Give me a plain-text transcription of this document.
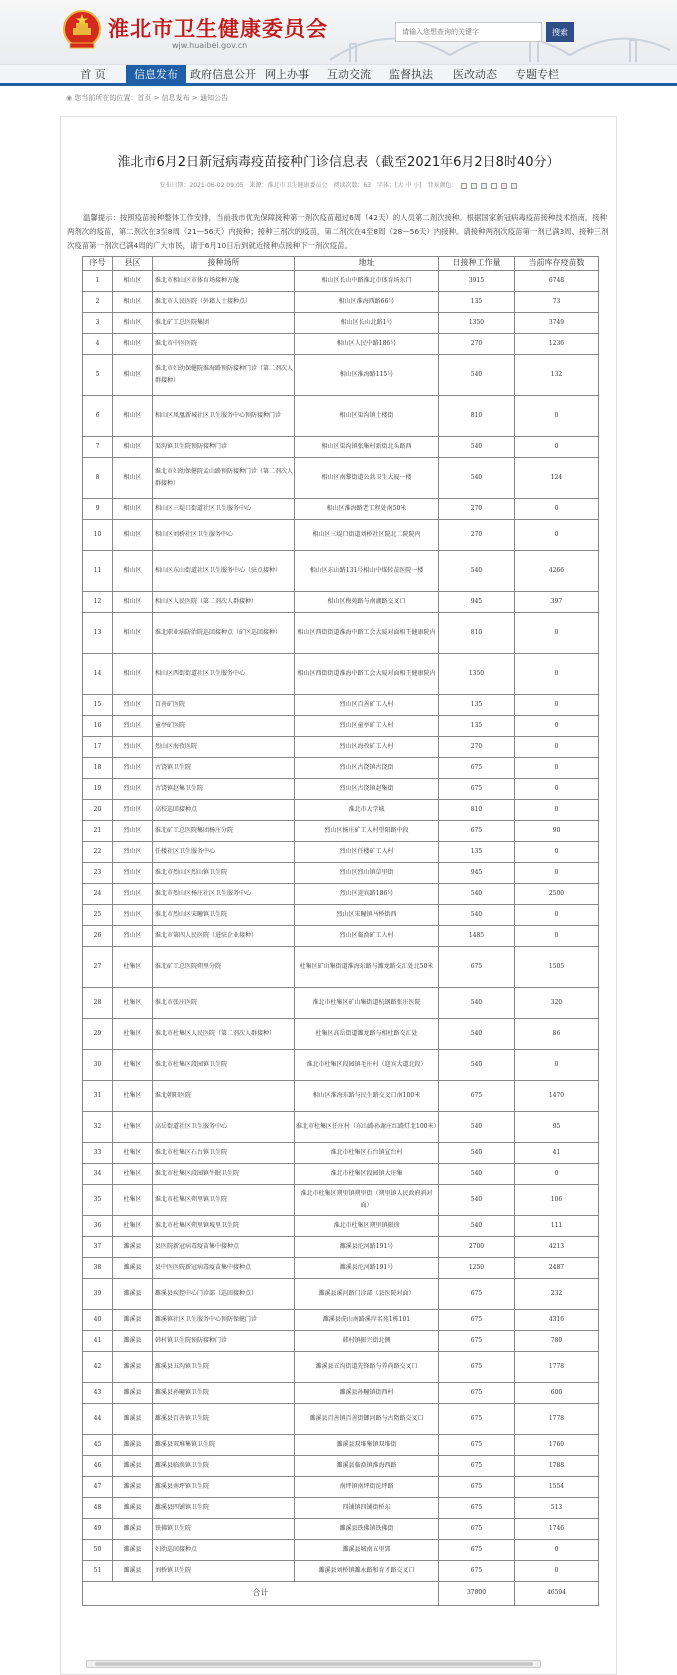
淮北市卫生健康委员会
wjw.huaibei.gov.cn
请输入您想查询的关键字
搜索
首 页	信息发布	政府信息公开 网上办事	互动交流	监督执法	医改动态	专题专栏
◉ 您当前所在的位置：首页 > 信息发布 > 通知公告
淮北市6月2日新冠病毒疫苗接种门诊信息表（截至2021年6月2日8时40分）
发布日期：2021-06-02 09:05 来源：淮北市卫生健康委员会 阅读次数：63 字体：[大 中 小] 背景颜色：
温馨提示：按照疫苗接种整体工作安排，当前我市优先保障接种第一剂次疫苗超过6周（42天）的人员第二剂次接种。根据国家新冠病毒疫苗接种技术指南，接种两剂次的疫苗，第二剂次在3至8周（21—56天）内接种；接种三剂次的疫苗，第二剂次在4至8周（28—56天）内接种。请接种两剂次疫苗第一剂已满3周、接种三剂次疫苗第一剂次已满4周的广大市民，请于6月10日后到就近接种点接种下一剂次疫苗。
序号	县区	接种场所	地址	日接种工作量	当前库存疫苗数
1	相山区	淮北市相山区市体育场接种方舱	相山区长山中路淮北市体育场东门	3915	6748
2	相山区	淮北市人民医院（外籍人士接种点）	相山区淮海西路66号	135	73
3	相山区	淮北矿工总医院集团	相山区长山北路1号	1350	3749
4	相山区	淮北市中医医院	相山区人民中路186号	270	1236
5	相山区	淮北市妇幼保健院淮海路预防接种门诊（第二剂次人群接种）	相山区淮海路115号	540	132
6	相山区	相山区凤凰新城社区卫生服务中心预防接种门诊	相山区渠沟镇土楼街	810	0
7	相山区	渠沟镇卫生院预防接种门诊	相山区渠沟镇张集村新街北头路西	540	0
8	相山区	淮北市妇幼保健院孟山路预防接种门诊（第二剂次人群接种）	相山区南黎街道公共卫生大厦一楼	540	124
9	相山区	相山区三堤口街道社区卫生服务中心	相山区淮海路老工程处南50米	270	0
10	相山区	相山区刘桥社区卫生服务中心	相山区三堤口街道刘桥社区院北二院院内	270	0
11	相山区	相山区东山街道社区卫生服务中心（驻点接种）	相山区东山路131号相山中煤转苗医院一楼	540	4266
12	相山区	相山区人民医院（第二剂次人群接种）	相山区梅苑路与南湖路交叉口	945	397
13	相山区	淮北职业病防治院巡回接种点（矿区巡回接种）	相山区西街街道淮海中路工会大厦对面相王健康院内	810	0
14	相山区	相山区西街街道社区卫生服务中心	相山区西街街道淮海中路工会大厦对面相王健康院内	1350	0
15	烈山区	百善矿医院	烈山区百善矿工人村	135	0
16	烈山区	童亭矿医院	烈山区童亭矿工人村	135	0
17	烈山区	烈山区海孜医院	烈山区海孜矿工人村	270	0
18	烈山区	古饶镇卫生院	烈山区古饶镇古饶街	675	0
19	烈山区	古饶镇赵集卫生院	烈山区古饶镇赵集街	675	0
20	烈山区	高校巡回接种点	淮北市大学城	810	0
21	烈山区	淮北矿工总医院集团杨庄分院	烈山区杨庄矿工人村望阳路中段	675	90
22	烈山区	任楼社区卫生服务中心	烈山区任楼矿工人村	135	0
23	烈山区	淮北市烈山区烈山镇卫生院	烈山区烈山镇草里街	945	0
24	烈山区	淮北市烈山区杨庄社区卫生服务中心	烈山区迎宾路186号	540	2500
25	烈山区	淮北市烈山区宋疃镇卫生院	烈山区宋疃镇马桥街西	540	0
26	烈山区	淮北市第四人民医院（进驻企业接种）	烈山区临涣矿工人村	1485	0
27	杜集区	淮北矿工总医院朔里分院	杜集区矿山集街道淮海东路与濉龙路交汇处北50米	675	1505
28	杜集区	淮北市张庄医院	淮北市杜集区矿山集街道杭钢路张庄医院	540	320
29	杜集区	淮北市杜集区人民医院（第二剂次人群接种）	杜集区高岳街道濉龙路与相杜路交汇处	540	86
30	杜集区	淮北市杜集区段园镇卫生院	淮北市杜集区段园镇毛庄村（迎宾大道北段）	540	0
31	杜集区	淮北朝阳医院	相山区淮海东路与民生路交叉口南100米	675	1470
32	杜集区	高岳街道社区卫生服务中心	淮北市杜集区任庄村（东山路孙谢庄红路灯北100米）	540	95
33	杜集区	淮北市杜集区石台镇卫生院	淮北市杜集区石台镇宣台村	540	41
34	杜集区	淮北市杜集区段园镇牛眠卫生院	淮北市杜集区段园镇大庄集	540	0
35	杜集区	淮北市杜集区朔里镇卫生院	淮北市杜集区朔里镇朔里街（朔里镇人民政府斜对面）	540	106
36	杜集区	淮北市杜集区朔里镇坡里卫生院	淮北市杜集区朔里镇振徐	540	111
37	濉溪县	县医院新冠病毒疫苗集中接种点	濉溪县沱河路191号	2700	4213
38	濉溪县	县中医医院新冠病毒疫苗集中接种点	濉溪县沱河路191号	1250	2487
39	濉溪县	濉溪县疾控中心门诊部（巡回接种点）	濉溪县溪河路门诊部（县医院对面）	675	232
40	濉溪县	濉溪镇社区卫生服务中心预防保健门诊	濉溪县虎山南路溪岸名苑1栋101	675	4316
41	濉溪县	韩村镇卫生院预防接种门诊	韩村镇振兴街北侧	675	780
42	濉溪县	濉溪县五沟镇卫生院	濉溪县五沟街道先锋路与养尚路交叉口	675	1778
43	濉溪县	濉溪县孙疃镇卫生院	濉溪县孙疃镇街西村	675	600
44	濉溪县	濉溪县百善镇卫生院	濉溪县百善镇百善街御河路与古隋路交叉口	675	1778
45	濉溪县	濉溪县双堆集镇卫生院	濉溪县双堆集镇双堆街	675	1760
46	濉溪县	濉溪县临涣镇卫生院	濉溪县临涣镇淮海西路	675	1788
47	濉溪县	濉溪县南坪镇卫生院	南坪镇南坪街沱坪路	675	1554
48	濉溪县	濉溪县四铺镇卫生院	四铺镇四铺街桥东	675	513
49	濉溪县	铁佛镇卫生院	濉溪县铁佛镇铁佛街	675	1746
50	濉溪县	妇幼巡回接种点	濉溪县城南五里郢	675	0
51	濉溪县	刘桥镇卫生院	濉溪县刘桥镇濉永路和育才路交叉口	675	0
合计				37800	46594
